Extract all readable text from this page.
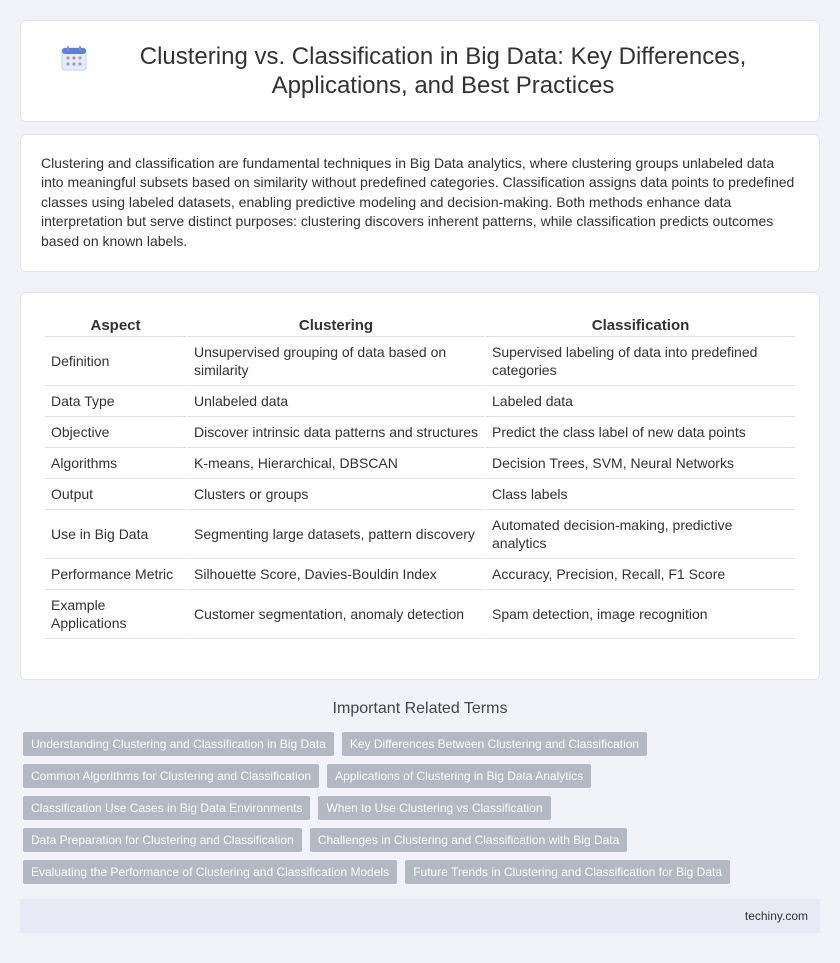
Clustering vs. Classification in Big Data: Key Differences, Applications, and Best Practices

Clustering and classification are fundamental techniques in Big Data analytics, where clustering groups unlabeled data into meaningful subsets based on similarity without predefined categories. Classification assigns data points to predefined classes using labeled datasets, enabling predictive modeling and decision-making. Both methods enhance data interpretation but serve distinct purposes: clustering discovers inherent patterns, while classification predicts outcomes based on known labels.

Aspect	Clustering	Classification
Definition	Unsupervised grouping of data based on similarity	Supervised labeling of data into predefined categories
Data Type	Unlabeled data	Labeled data
Objective	Discover intrinsic data patterns and structures	Predict the class label of new data points
Algorithms	K-means, Hierarchical, DBSCAN	Decision Trees, SVM, Neural Networks
Output	Clusters or groups	Class labels
Use in Big Data	Segmenting large datasets, pattern discovery	Automated decision-making, predictive analytics
Performance Metric	Silhouette Score, Davies-Bouldin Index	Accuracy, Precision, Recall, F1 Score
Example Applications	Customer segmentation, anomaly detection	Spam detection, image recognition
Important Related Terms
Understanding Clustering and Classification in Big Data	Key Differences Between Clustering and Classification
Common Algorithms for Clustering and Classification	Applications of Clustering in Big Data Analytics
Classification Use Cases in Big Data Environments	When to Use Clustering vs Classification
Data Preparation for Clustering and Classification	Challenges in Clustering and Classification with Big Data
Evaluating the Performance of Clustering and Classification Models	Future Trends in Clustering and Classification for Big Data
techiny.com
